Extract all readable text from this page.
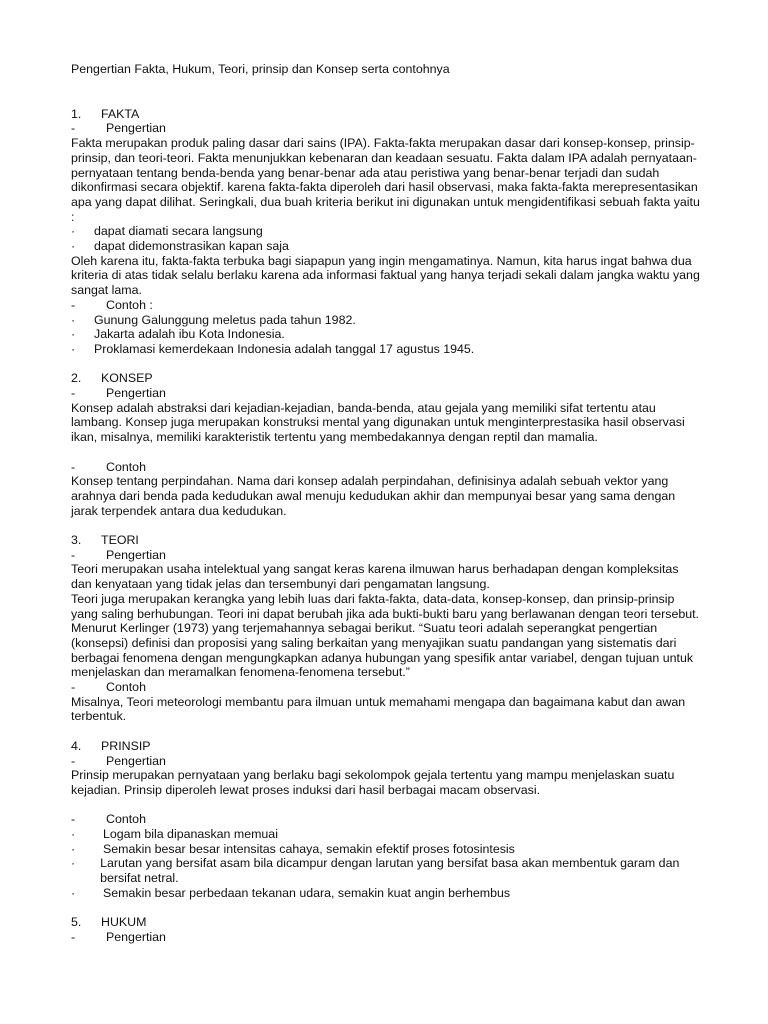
Pengertian Fakta, Hukum, Teori, prinsip dan Konsep serta contohnya
1.	FAKTA
-	Pengertian

Fakta merupakan produk paling dasar dari sains (IPA). Fakta-fakta merupakan dasar dari konsep-konsep, prinsip-prinsip, dan teori-teori. Fakta menunjukkan kebenaran dan keadaan sesuatu. Fakta dalam IPA adalah pernyataan-pernyataan tentang benda-benda yang benar-benar ada atau peristiwa yang benar-benar terjadi dan sudah dikonfirmasi secara objektif. karena fakta-fakta diperoleh dari hasil observasi, maka fakta-fakta merepresentasikan apa yang dapat dilihat. Seringkali, dua buah kriteria berikut ini digunakan untuk mengidentifikasi sebuah fakta yaitu :

·	dapat diamati secara langsung
·	dapat didemonstrasikan kapan saja

Oleh karena itu, fakta-fakta terbuka bagi siapapun yang ingin mengamatinya. Namun, kita harus ingat bahwa dua kriteria di atas tidak selalu berlaku karena ada informasi faktual yang hanya terjadi sekali dalam jangka waktu yang sangat lama.

-	Contoh :
·	Gunung Galunggung meletus pada tahun 1982.
·	Jakarta adalah ibu Kota Indonesia.
·	Proklamasi kemerdekaan Indonesia adalah tanggal 17 agustus 1945.
2.	KONSEP
-	Pengertian

Konsep adalah abstraksi dari kejadian-kejadian, banda-benda, atau gejala yang memiliki sifat tertentu atau lambang. Konsep juga merupakan konstruksi mental yang digunakan untuk menginterprestasika hasil observasi ikan, misalnya, memiliki karakteristik tertentu yang membedakannya dengan reptil dan mamalia.

-	Contoh

Konsep tentang perpindahan. Nama dari konsep adalah perpindahan, definisinya adalah sebuah vektor yang arahnya dari benda pada kedudukan awal menuju kedudukan akhir dan mempunyai besar yang sama dengan jarak terpendek antara dua kedudukan.

3.	TEORI
-	Pengertian

Teori merupakan usaha intelektual yang sangat keras karena ilmuwan harus berhadapan dengan kompleksitas dan kenyataan yang tidak jelas dan tersembunyi dari pengamatan langsung.

Teori juga merupakan kerangka yang lebih luas dari fakta-fakta, data-data, konsep-konsep, dan prinsip-prinsip yang saling berhubungan. Teori ini dapat berubah jika ada bukti-bukti baru yang berlawanan dengan teori tersebut.

Menurut Kerlinger (1973) yang terjemahannya sebagai berikut. “Suatu teori adalah seperangkat pengertian (konsepsi) definisi dan proposisi yang saling berkaitan yang menyajikan suatu pandangan yang sistematis dari berbagai fenomena dengan mengungkapkan adanya hubungan yang spesifik antar variabel, dengan tujuan untuk menjelaskan dan meramalkan fenomena-fenomena tersebut.”

-	Contoh

Misalnya, Teori meteorologi membantu para ilmuan untuk memahami mengapa dan bagaimana kabut dan awan terbentuk.

4.	PRINSIP
-	Pengertian

Prinsip merupakan pernyataan yang berlaku bagi sekolompok gejala tertentu yang mampu menjelaskan suatu kejadian. Prinsip diperoleh lewat proses induksi dari hasil berbagai macam observasi.

-	Contoh
·	Logam bila dipanaskan memuai
·	Semakin besar besar intensitas cahaya, semakin efektif proses fotosintesis
·	Larutan yang bersifat asam bila dicampur dengan larutan yang bersifat basa akan membentuk garam dan bersifat netral.
·	Semakin besar perbedaan tekanan udara, semakin kuat angin berhembus
5.	HUKUM
-	Pengertian
